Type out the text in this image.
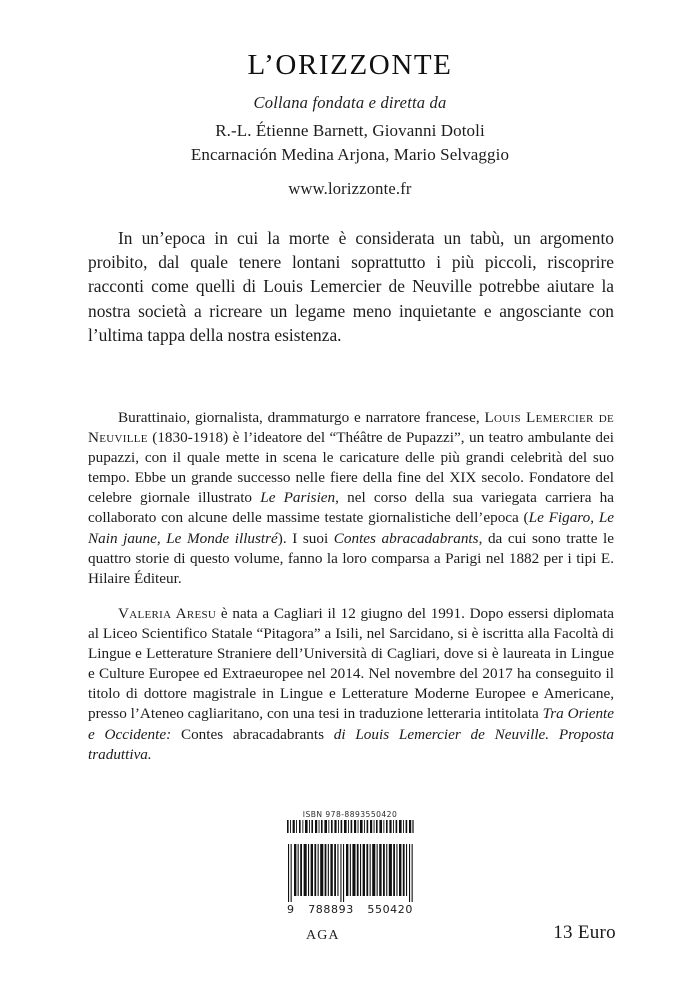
L’ORIZZONTE
Collana fondata e diretta da
R.-L. Étienne Barnett, Giovanni Dotoli
Encarnación Medina Arjona, Mario Selvaggio
www.lorizzonte.fr

In un’epoca in cui la morte è considerata un tabù, un argomento proibito, dal quale tenere lontani soprattutto i più piccoli, riscoprire racconti come quelli di Louis Lemercier de Neuville potrebbe aiutare la nostra società a ricreare un legame meno inquietante e angosciante con l’ultima tappa della nostra esistenza.

Burattinaio, giornalista, drammaturgo e narratore francese, Louis Lemercier de Neuville (1830-1918) è l’ideatore del “Théâtre de Pupazzi”, un teatro ambulante dei pupazzi, con il quale mette in scena le caricature delle più grandi celebrità del suo tempo. Ebbe un grande successo nelle fiere della fine del XIX secolo. Fondatore del celebre giornale illustrato Le Parisien, nel corso della sua variegata carriera ha collaborato con alcune delle massime testate giornalistiche dell’epoca (Le Figaro, Le Nain jaune, Le Monde illustré). I suoi Contes abracadabrants, da cui sono tratte le quattro storie di questo volume, fanno la loro comparsa a Parigi nel 1882 per i tipi E. Hilaire Éditeur.

Valeria Aresu è nata a Cagliari il 12 giugno del 1991. Dopo essersi diplomata al Liceo Scientifico Statale “Pitagora” a Isili, nel Sarcidano, si è iscritta alla Facoltà di Lingue e Letterature Straniere dell’Università di Cagliari, dove si è laureata in Lingue e Culture Europee ed Extraeuropee nel 2014. Nel novembre del 2017 ha conseguito il titolo di dottore magistrale in Lingue e Letterature Moderne Europee e Americane, presso l’Ateneo cagliaritano, con una tesi in traduzione letteraria intitolata Tra Oriente e Occidente: Contes abracadabrants di Louis Lemercier de Neuville. Proposta traduttiva.

ISBN 978-8893550420
9 788893 550420
AGA	13 Euro
